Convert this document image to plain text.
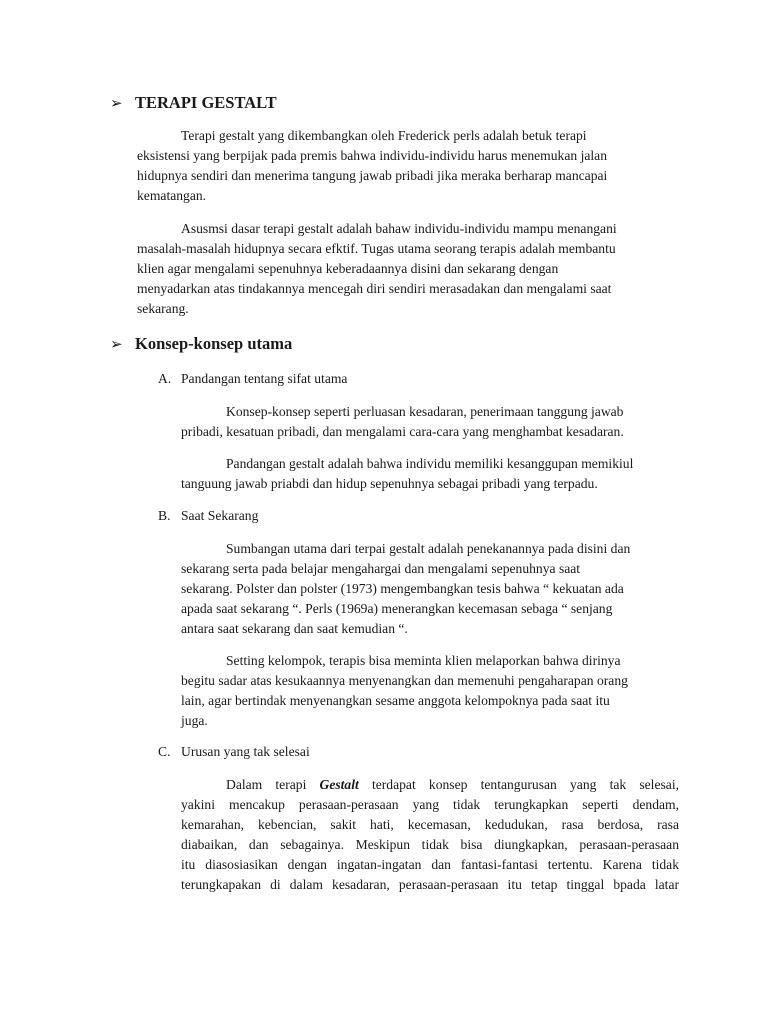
➢ TERAPI GESTALT
Terapi gestalt yang dikembangkan oleh Frederick perls adalah betuk terapi
eksistensi yang berpijak pada premis bahwa individu-individu harus menemukan jalan
hidupnya sendiri dan menerima tangung jawab pribadi jika meraka berharap mancapai
kematangan.
Asusmsi dasar terapi gestalt adalah bahaw individu-individu mampu menangani
masalah-masalah hidupnya secara efktif. Tugas utama seorang terapis adalah membantu
klien agar mengalami sepenuhnya keberadaannya disini dan sekarang dengan
menyadarkan atas tindakannya mencegah diri sendiri merasadakan dan mengalami saat
sekarang.
➢ Konsep-konsep utama
A. Pandangan tentang sifat utama
Konsep-konsep seperti perluasan kesadaran, penerimaan tanggung jawab
pribadi, kesatuan pribadi, dan mengalami cara-cara yang menghambat kesadaran.
Pandangan gestalt adalah bahwa individu memiliki kesanggupan memikiul
tanguung jawab priabdi dan hidup sepenuhnya sebagai pribadi yang terpadu.
B. Saat Sekarang
Sumbangan utama dari terpai gestalt adalah penekanannya pada disini dan
sekarang serta pada belajar mengahargai dan mengalami sepenuhnya saat
sekarang. Polster dan polster (1973) mengembangkan tesis bahwa “ kekuatan ada
apada saat sekarang “. Perls (1969a) menerangkan kecemasan sebaga “ senjang
antara saat sekarang dan saat kemudian “.
Setting kelompok, terapis bisa meminta klien melaporkan bahwa dirinya
begitu sadar atas kesukaannya menyenangkan dan memenuhi pengaharapan orang
lain, agar bertindak menyenangkan sesame anggota kelompoknya pada saat itu
juga.
C. Urusan yang tak selesai
Dalam terapi Gestalt terdapat konsep tentangurusan yang tak selesai,
yakini mencakup perasaan-perasaan yang tidak terungkapkan seperti dendam,
kemarahan, kebencian, sakit hati, kecemasan, kedudukan, rasa berdosa, rasa
diabaikan, dan sebagainya. Meskipun tidak bisa diungkapkan, perasaan-perasaan
itu diasosiasikan dengan ingatan-ingatan dan fantasi-fantasi tertentu. Karena tidak
terungkapakan di dalam kesadaran, perasaan-perasaan itu tetap tinggal bpada latar
